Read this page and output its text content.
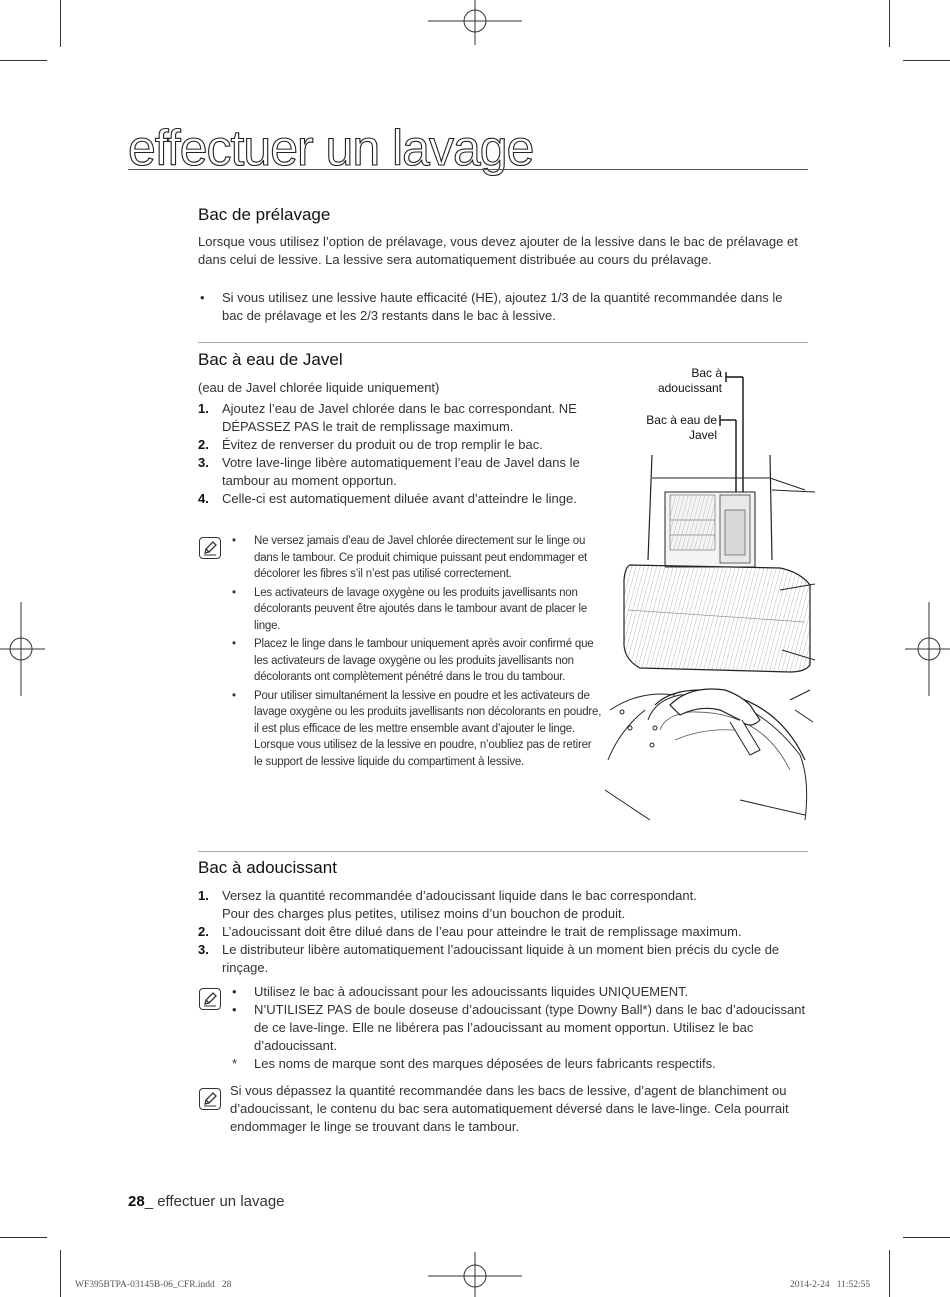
effectuer un lavage
Bac de prélavage
Lorsque vous utilisez l’option de prélavage, vous devez ajouter de la lessive dans le bac de prélavage et dans celui de lessive. La lessive sera automatiquement distribuée au cours du prélavage.
• Si vous utilisez une lessive haute efficacité (HE), ajoutez 1/3 de la quantité recommandée dans le bac de prélavage et les 2/3 restants dans le bac à lessive.
Bac à eau de Javel
(eau de Javel chlorée liquide uniquement)
1. Ajoutez l’eau de Javel chlorée dans le bac correspondant. NE DÉPASSEZ PAS le trait de remplissage maximum.
2. Évitez de renverser du produit ou de trop remplir le bac.
3. Votre lave-linge libère automatiquement l’eau de Javel dans le tambour au moment opportun.
4. Celle-ci est automatiquement diluée avant d’atteindre le linge.
• Ne versez jamais d’eau de Javel chlorée directement sur le linge ou dans le tambour. Ce produit chimique puissant peut endommager et décolorer les fibres s’il n’est pas utilisé correctement.
• Les activateurs de lavage oxygène ou les produits javellisants non décolorants peuvent être ajoutés dans le tambour avant de placer le linge.
• Placez le linge dans le tambour uniquement après avoir confirmé que les activateurs de lavage oxygène ou les produits javellisants non décolorants ont complètement pénétré dans le trou du tambour.
• Pour utiliser simultanément la lessive en poudre et les activateurs de lavage oxygène ou les produits javellisants non décolorants en poudre, il est plus efficace de les mettre ensemble avant d’ajouter le linge. Lorsque vous utilisez de la lessive en poudre, n’oubliez pas de retirer le support de lessive liquide du compartiment à lessive.
Bac à adoucissant
Bac à eau de Javel
Bac à adoucissant
1. Versez la quantité recommandée d’adoucissant liquide dans le bac correspondant.
Pour des charges plus petites, utilisez moins d’un bouchon de produit.
2. L’adoucissant doit être dilué dans de l’eau pour atteindre le trait de remplissage maximum.
3. Le distributeur libère automatiquement l’adoucissant liquide à un moment bien précis du cycle de rinçage.
• Utilisez le bac à adoucissant pour les adoucissants liquides UNIQUEMENT.
• N’UTILISEZ PAS de boule doseuse d’adoucissant (type Downy Ball*) dans le bac d’adoucissant de ce lave-linge. Elle ne libérera pas l’adoucissant au moment opportun. Utilisez le bac d’adoucissant.
* Les noms de marque sont des marques déposées de leurs fabricants respectifs.
Si vous dépassez la quantité recommandée dans les bacs de lessive, d’agent de blanchiment ou d’adoucissant, le contenu du bac sera automatiquement déversé dans le lave-linge. Cela pourrait endommager le linge se trouvant dans le tambour.
28_ effectuer un lavage
WF395BTPA-03145B-06_CFR.indd   28	2014-2-24   11:52:55
